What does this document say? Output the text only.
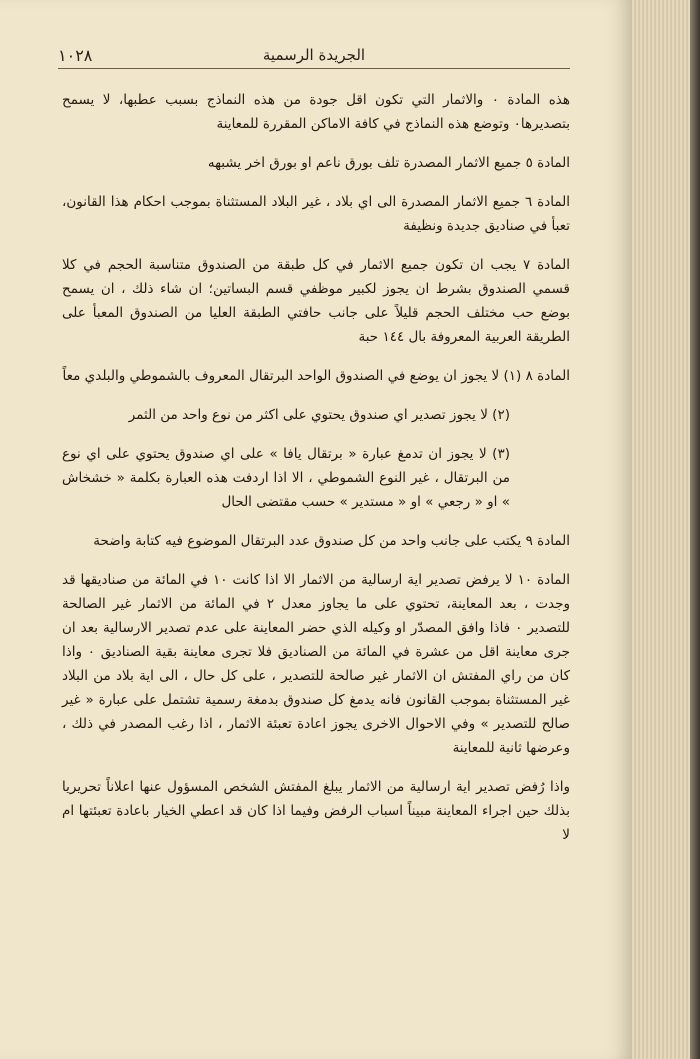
١٠٢٨	الجريدة الرسمية

هذه المادة ٠ والاثمار التي تكون اقل جودة من هذه النماذج بسبب عطبها، لا يسمح بتصديرها٠ وتوضع هذه النماذج في كافة الاماكن المقررة للمعاينة

المادة ٥ جميع الاثمار المصدرة تلف بورق ناعم او بورق اخر يشبهه

المادة ٦ جميع الاثمار المصدرة الى اي بلاد ، غير البلاد المستثناة بموجب احكام هذا القانون، تعبأ في صناديق جديدة ونظيفة

المادة ٧ يجب ان تكون جميع الاثمار في كل طبقة من الصندوق متناسبة الحجم في كلا قسمي الصندوق بشرط ان يجوز لكبير موظفي قسم البساتين؛ ان شاء ذلك ، ان يسمح بوضع حب مختلف الحجم قليلاً على جانب حافتي الطبقة العليا من الصندوق المعبأ على الطريقة العربية المعروفة بال ١٤٤ حبة

المادة ٨ (١) لا يجوز ان يوضع في الصندوق الواحد البرتقال المعروف بالشموطي والبلدي معاً

(٢) لا يجوز تصدير اي صندوق يحتوي على اكثر من نوع واحد من الثمر

(٣) لا يجوز ان تدمغ عبارة « برتقال يافا » على اي صندوق يحتوي على اي نوع من البرتقال ، غير النوع الشموطي ، الا اذا اردفت هذه العبارة بكلمة « خشخاش » او « رجعي » او « مستدير » حسب مقتضى الحال

المادة ٩ يكتب على جانب واحد من كل صندوق عدد البرتقال الموضوع فيه كتابة واضحة

المادة ١٠ لا يرفض تصدير اية ارسالية من الاثمار الا اذا كانت ١٠ في المائة من صناديقها قد وجدت ، بعد المعاينة، تحتوي على ما يجاوز معدل ٢ في المائة من الاثمار غير الصالحة للتصدير ٠ فاذا وافق المصدّر او وكيله الذي حضر المعاينة على عدم تصدير الارسالية بعد ان جرى معاينة اقل من عشرة في المائة من الصناديق فلا تجرى معاينة بقية الصناديق ٠ واذا كان من راي المفتش ان الاثمار غير صالحة للتصدير ، على كل حال ، الى اية بلاد من البلاد غير المستثناة بموجب القانون فانه يدمغ كل صندوق بدمغة رسمية تشتمل على عبارة « غير صالح للتصدير » وفي الاحوال الاخرى يجوز اعادة تعبئة الاثمار ، اذا رغب المصدر في ذلك ، وعرضها ثانية للمعاينة

واذا رُفض تصدير اية ارسالية من الاثمار يبلغ المفتش الشخص المسؤول عنها اعلاناً تحريريا بذلك حين اجراء المعاينة مبيناً اسباب الرفض وفيما اذا كان قد اعطي الخيار باعادة تعبئتها ام لا
